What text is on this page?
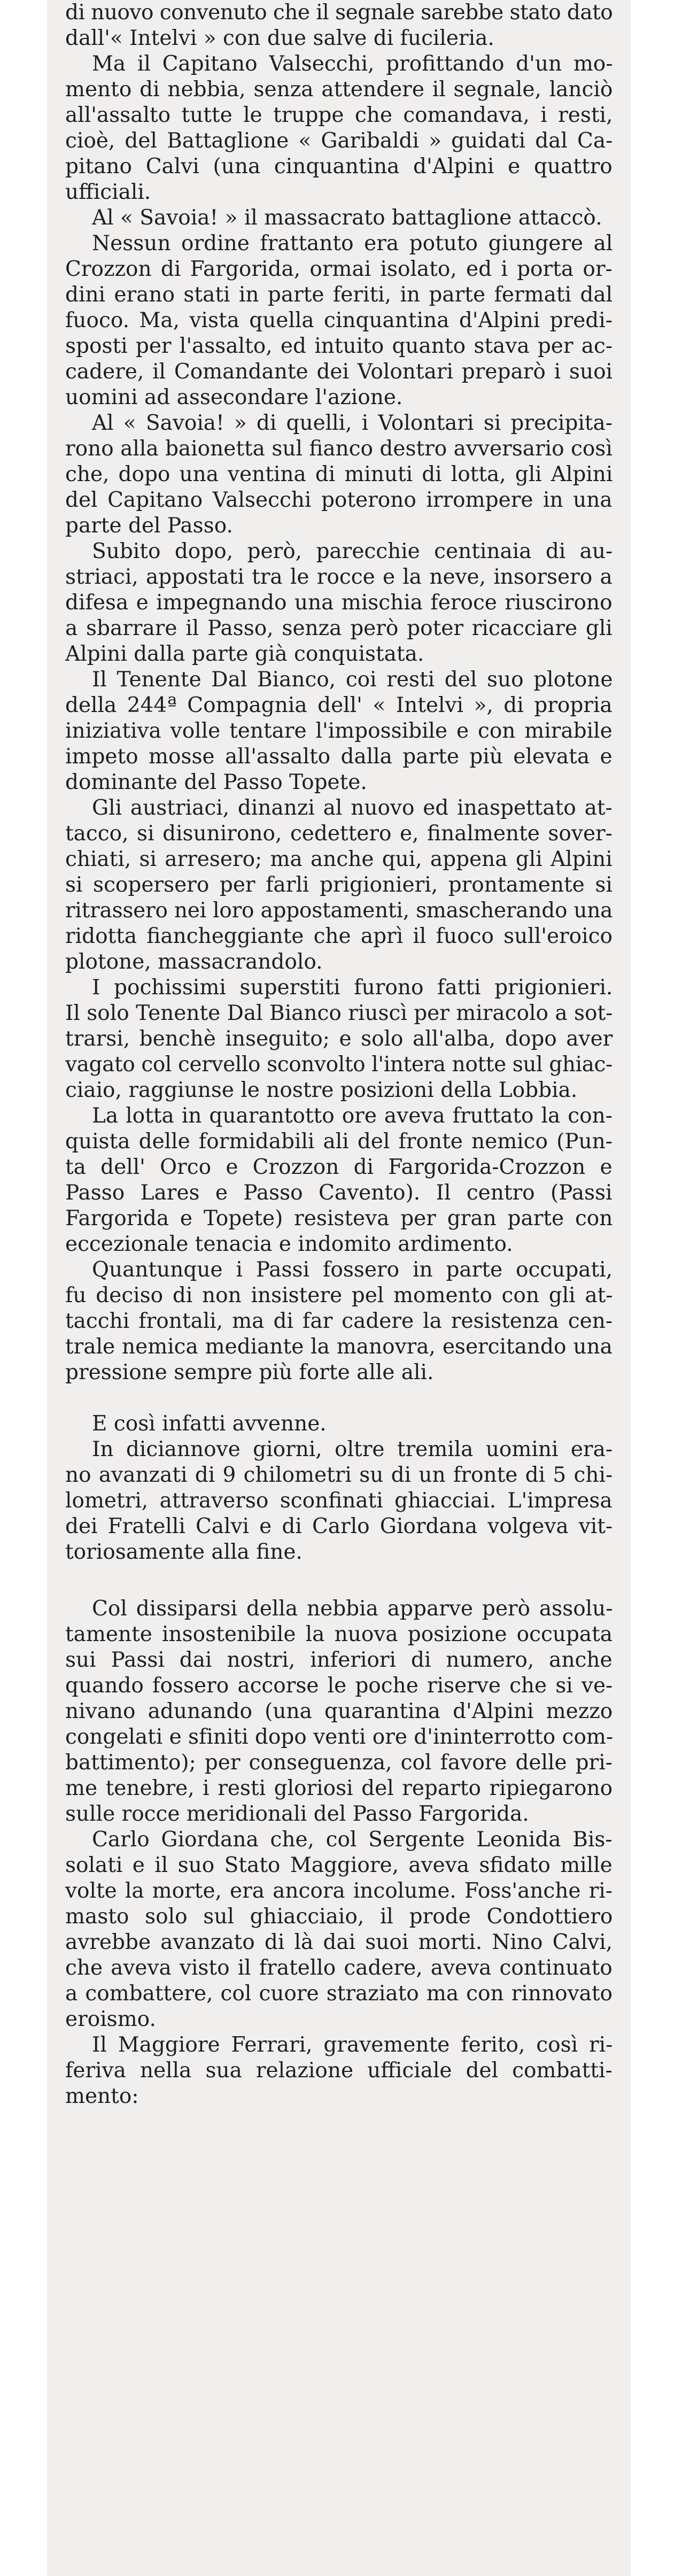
di nuovo convenuto che il segnale sarebbe stato dato
dall'« Intelvi » con due salve di fucileria.

Ma il Capitano Valsecchi, profittando d'un mo-
mento di nebbia, senza attendere il segnale, lanciò
all'assalto tutte le truppe che comandava, i resti,
cioè, del Battaglione « Garibaldi » guidati dal Ca-
pitano Calvi (una cinquantina d'Alpini e quattro
ufficiali.

Al « Savoia! » il massacrato battaglione attaccò.

Nessun ordine frattanto era potuto giungere al
Crozzon di Fargorida, ormai isolato, ed i porta or-
dini erano stati in parte feriti, in parte fermati dal
fuoco. Ma, vista quella cinquantina d'Alpini predi-
sposti per l'assalto, ed intuito quanto stava per ac-
cadere, il Comandante dei Volontari preparò i suoi
uomini ad assecondare l'azione.

Al « Savoia! » di quelli, i Volontari si precipita-
rono alla baionetta sul fianco destro avversario così
che, dopo una ventina di minuti di lotta, gli Alpini
del Capitano Valsecchi poterono irrompere in una
parte del Passo.

Subito dopo, però, parecchie centinaia di au-
striaci, appostati tra le rocce e la neve, insorsero a
difesa e impegnando una mischia feroce riuscirono
a sbarrare il Passo, senza però poter ricacciare gli
Alpini dalla parte già conquistata.

Il Tenente Dal Bianco, coi resti del suo plotone
della 244ª Compagnia dell' « Intelvi », di propria
iniziativa volle tentare l'impossibile e con mirabile
impeto mosse all'assalto dalla parte più elevata e
dominante del Passo Topete.

Gli austriaci, dinanzi al nuovo ed inaspettato at-
tacco, si disunirono, cedettero e, finalmente sover-
chiati, si arresero; ma anche qui, appena gli Alpini
si scopersero per farli prigionieri, prontamente si
ritrassero nei loro appostamenti, smascherando una
ridotta fiancheggiante che aprì il fuoco sull'eroico
plotone, massacrandolo.

I pochissimi superstiti furono fatti prigionieri.
Il solo Tenente Dal Bianco riuscì per miracolo a sot-
trarsi, benchè inseguito; e solo all'alba, dopo aver
vagato col cervello sconvolto l'intera notte sul ghiac-
ciaio, raggiunse le nostre posizioni della Lobbia.

La lotta in quarantotto ore aveva fruttato la con-
quista delle formidabili ali del fronte nemico (Pun-
ta dell' Orco e Crozzon di Fargorida-Crozzon e
Passo Lares e Passo Cavento). Il centro (Passi
Fargorida e Topete) resisteva per gran parte con
eccezionale tenacia e indomito ardimento.

Quantunque i Passi fossero in parte occupati,
fu deciso di non insistere pel momento con gli at-
tacchi frontali, ma di far cadere la resistenza cen-
trale nemica mediante la manovra, esercitando una
pressione sempre più forte alle ali.

E così infatti avvenne.

In diciannove giorni, oltre tremila uomini era-
no avanzati di 9 chilometri su di un fronte di 5 chi-
lometri, attraverso sconfinati ghiacciai. L'impresa
dei Fratelli Calvi e di Carlo Giordana volgeva vit-
toriosamente alla fine.

Col dissiparsi della nebbia apparve però assolu-
tamente insostenibile la nuova posizione occupata
sui Passi dai nostri, inferiori di numero, anche
quando fossero accorse le poche riserve che si ve-
nivano adunando (una quarantina d'Alpini mezzo
congelati e sfiniti dopo venti ore d'ininterrotto com-
battimento); per conseguenza, col favore delle pri-
me tenebre, i resti gloriosi del reparto ripiegarono
sulle rocce meridionali del Passo Fargorida.

Carlo Giordana che, col Sergente Leonida Bis-
solati e il suo Stato Maggiore, aveva sfidato mille
volte la morte, era ancora incolume. Foss'anche ri-
masto solo sul ghiacciaio, il prode Condottiero
avrebbe avanzato di là dai suoi morti. Nino Calvi,
che aveva visto il fratello cadere, aveva continuato
a combattere, col cuore straziato ma con rinnovato
eroismo.

Il Maggiore Ferrari, gravemente ferito, così ri-
feriva nella sua relazione ufficiale del combatti-
mento:
